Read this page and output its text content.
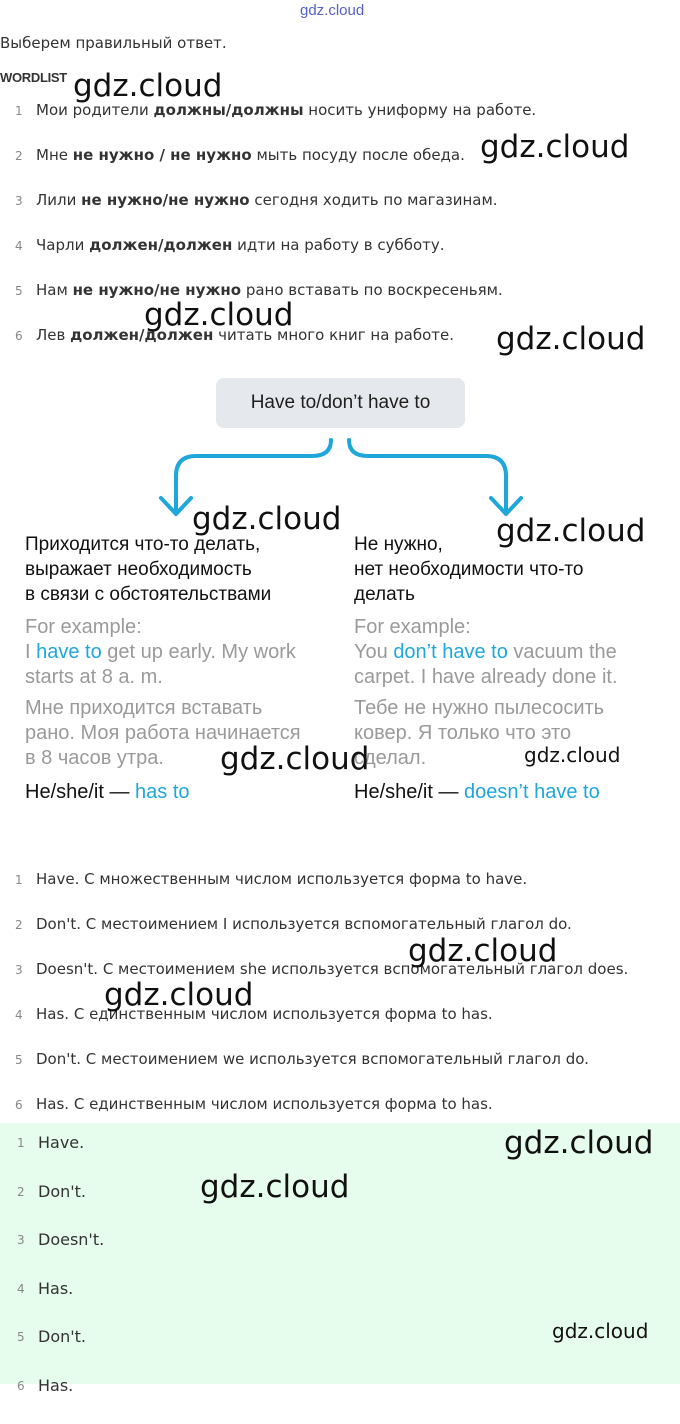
gdz.cloud
Выберем правильный ответ.
WORDLIST
1 Мои родители должны/должны носить униформу на работе.
2 Мне не нужно / не нужно мыть посуду после обеда.
3 Лили не нужно/не нужно сегодня ходить по магазинам.
4 Чарли должен/должен идти на работу в субботу.
5 Нам не нужно/не нужно рано вставать по воскресеньям.
6 Лев должен/должен читать много книг на работе.
Have to/don’t have to
Приходится что-то делать,
выражает необходимость
в связи с обстоятельствами
For example:
I have to get up early. My work starts at 8 a. m.
Мне приходится вставать
рано. Моя работа начинается
в 8 часов утра.
He/she/it — has to
Не нужно,
нет необходимости что-то
делать
For example:
You don’t have to vacuum the carpet. I have already done it.
Тебе не нужно пылесосить
ковер. Я только что это
сделал.
He/she/it — doesn’t have to
1 Have. С множественным числом используется форма to have.
2 Don't. С местоимением I используется вспомогательный глагол do.
3 Doesn't. С местоимением she используется вспомогательный глагол does.
4 Has. С единственным числом используется форма to has.
5 Don't. С местоимением we используется вспомогательный глагол do.
6 Has. С единственным числом используется форма to has.
1 Have.
2 Don't.
3 Doesn't.
4 Has.
5 Don't.
6 Has.
gdz.cloud
gdz.cloud
gdz.cloud
gdz.cloud
gdz.cloud	gdz.cloud
gdz.cloud	gdz.cloud
gdz.cloud
gdz.cloud
gdz.cloud
gdz.cloud
gdz.cloud
